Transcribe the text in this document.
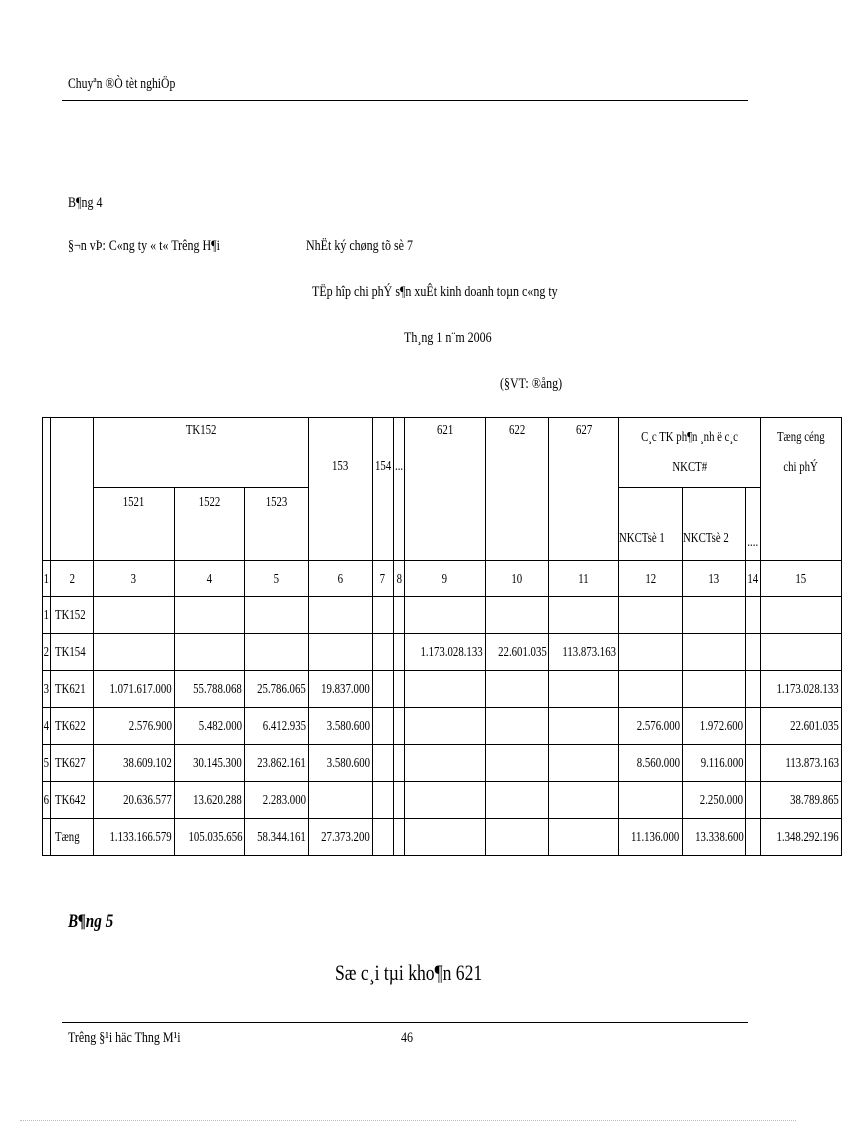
Chuyªn ®Ò tèt nghiÖp
B¶ng 4
§¬n vÞ: C«ng ty « t« Trêng H¶i	NhËt ký chøng tõ sè 7
TËp hîp chi phÝ s¶n xuÊt kinh doanh toµn c«ng ty
Th¸ng 1 n¨m 2006
(§VT: ®ång)
		TK152			153	154	...	621	622	627	C¸c TK ph¶n ¸nh ë c¸c
NKCT#			Tæng céng
chi phÝ
		1521	1522	1523							NKCTsè 1	NKCTsè 2	....	
1	2	3	4	5	6	7	8	9	10	11	12	13	14	15
1	TK152													
2	TK154							1.173.028.133	22.601.035	113.873.163				
3	TK621	1.071.617.000	55.788.068	25.786.065	19.837.000									1.173.028.133
4	TK622	2.576.900	5.482.000	6.412.935	3.580.600						2.576.000	1.972.600		22.601.035
5	TK627	38.609.102	30.145.300	23.862.161	3.580.600						8.560.000	9.116.000		113.873.163
6	TK642	20.636.577	13.620.288	2.283.000								2.250.000		38.789.865
	Tæng	1.133.166.579	105.035.656	58.344.161	27.373.200						11.136.000	13.338.600		1.348.292.196
B¶ng 5
Sæ c¸i tµi kho¶n 621
Trêng §¹i häc Thng M¹i	46
